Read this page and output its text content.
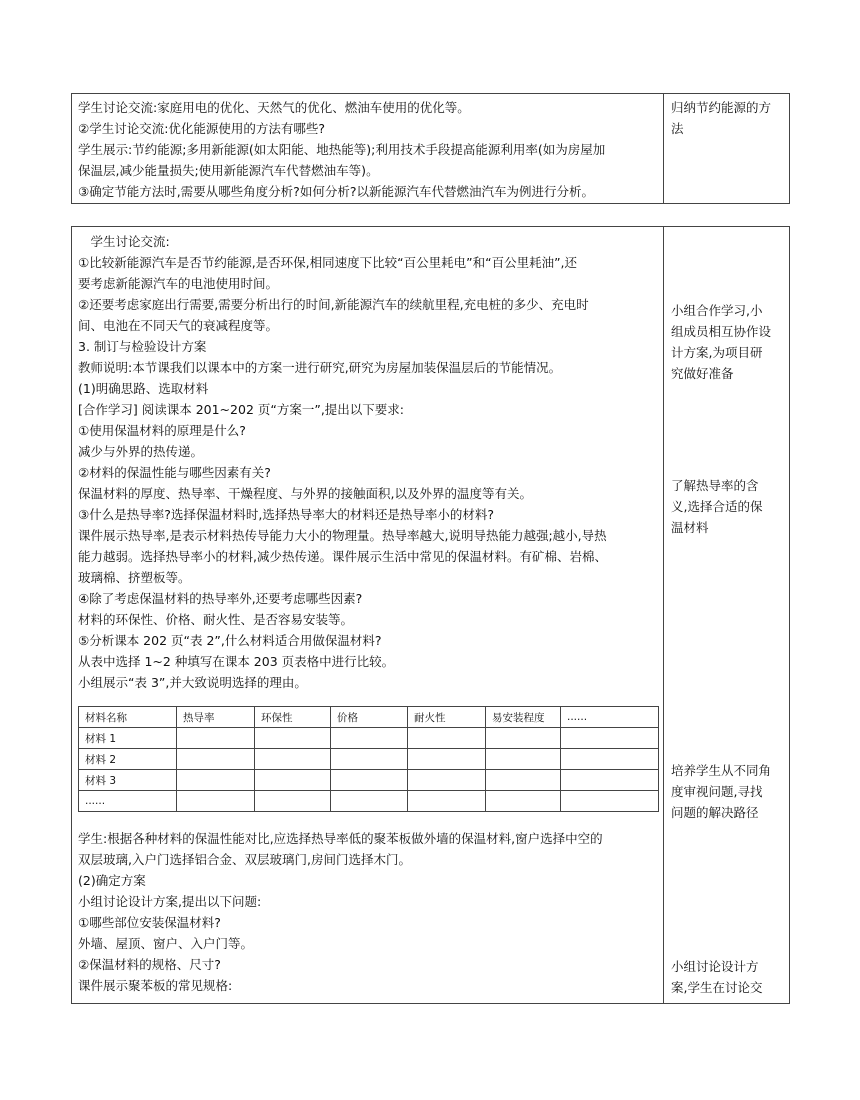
学生讨论交流:家庭用电的优化、天然气的优化、燃油车使用的优化等。

②学生讨论交流:优化能源使用的方法有哪些?

学生展示:节约能源;多用新能源(如太阳能、地热能等);利用技术手段提高能源利用率(如为房屋加

保温层,减少能量损失;使用新能源汽车代替燃油车等)。

③确定节能方法时,需要从哪些角度分析?如何分析?以新能源汽车代替燃油汽车为例进行分析。

归纳节约能源的方

法

　学生讨论交流:

①比较新能源汽车是否节约能源,是否环保,相同速度下比较“百公里耗电”和“百公里耗油”,还

要考虑新能源汽车的电池使用时间。

②还要考虑家庭出行需要,需要分析出行的时间,新能源汽车的续航里程,充电桩的多少、充电时

间、电池在不同天气的衰减程度等。

3. 制订与检验设计方案

教师说明:本节课我们以课本中的方案一进行研究,研究为房屋加装保温层后的节能情况。

(1)明确思路、选取材料

[合作学习] 阅读课本 201~202 页“方案一”,提出以下要求:

①使用保温材料的原理是什么?

减少与外界的热传递。

②材料的保温性能与哪些因素有关?

保温材料的厚度、热导率、干燥程度、与外界的接触面积,以及外界的温度等有关。

③什么是热导率?选择保温材料时,选择热导率大的材料还是热导率小的材料?

课件展示热导率,是表示材料热传导能力大小的物理量。热导率越大,说明导热能力越强;越小,导热

能力越弱。选择热导率小的材料,减少热传递。课件展示生活中常见的保温材料。有矿棉、岩棉、

玻璃棉、挤塑板等。

④除了考虑保温材料的热导率外,还要考虑哪些因素?

材料的环保性、价格、耐火性、是否容易安装等。

⑤分析课本 202 页“表 2”,什么材料适合用做保温材料?

从表中选择 1~2 种填写在课本 203 页表格中进行比较。

小组展示“表 3”,并大致说明选择的理由。

材料名称	热导率	环保性	价格	耐火性	易安装程度	......
材料 1						
材料 2						
材料 3						
......						

学生:根据各种材料的保温性能对比,应选择热导率低的聚苯板做外墙的保温材料,窗户选择中空的

双层玻璃,入户门选择铝合金、双层玻璃门,房间门选择木门。

(2)确定方案

小组讨论设计方案,提出以下问题:

①哪些部位安装保温材料?

外墙、屋顶、窗户、入户门等。

②保温材料的规格、尺寸?

课件展示聚苯板的常见规格:

小组合作学习,小

组成员相互协作设

计方案,为项目研

究做好准备

了解热导率的含

义,选择合适的保

温材料

培养学生从不同角

度审视问题,寻找

问题的解决路径

小组讨论设计方

案,学生在讨论交
